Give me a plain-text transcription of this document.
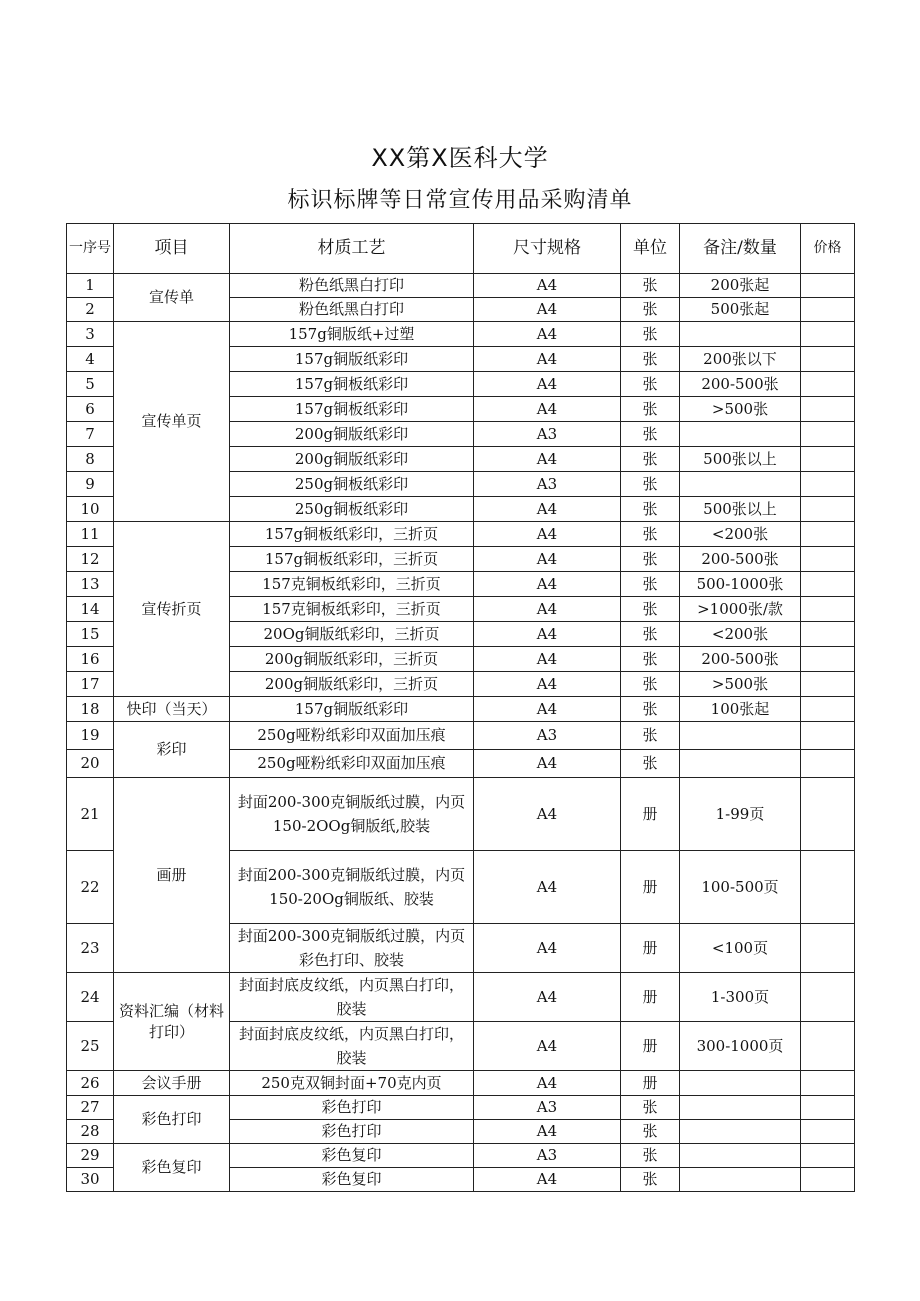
XX第X医科大学
标识标牌等日常宣传用品采购清单
一序号	项目	材质工艺	尺寸规格	单位	备注/数量	价格
1	宣传单	粉色纸黑白打印	A4	张	200张起	
2		粉色纸黑白打印	A4	张	500张起	
3	宣传单页	157g铜版纸+过塑	A4	张		
4		157g铜版纸彩印	A4	张	200张以下	
5		157g铜板纸彩印	A4	张	200-500张	
6		157g铜板纸彩印	A4	张	>500张	
7		200g铜版纸彩印	A3	张		
8		200g铜版纸彩印	A4	张	500张以上	
9		250g铜板纸彩印	A3	张		
10		250g铜板纸彩印	A4	张	500张以上	
11	宣传折页	157g铜板纸彩印，三折页	A4	张	<200张	
12		157g铜板纸彩印，三折页	A4	张	200-500张	
13		157克铜板纸彩印，三折页	A4	张	500-1000张	
14		157克铜板纸彩印，三折页	A4	张	>1000张/款	
15		20Og铜版纸彩印，三折页	A4	张	<200张	
16		200g铜版纸彩印，三折页	A4	张	200-500张	
17		200g铜版纸彩印，三折页	A4	张	>500张	
18	快印（当天）	157g铜版纸彩印	A4	张	100张起	
19	彩印	250g哑粉纸彩印双面加压痕	A3	张		
20		250g哑粉纸彩印双面加压痕	A4	张		
21	画册	封面200-300克铜版纸过膜，内页150-2OOg铜版纸,胶装	A4	册	1-99页	
22		封面200-300克铜版纸过膜，内页150-20Og铜版纸、胶装	A4	册	100-500页	
23		封面200-300克铜版纸过膜，内页彩色打印、胶装	A4	册	<100页	
24	资料汇编（材料打印）	封面封底皮纹纸，内页黑白打印，胶装	A4	册	1-300页	
25		封面封底皮纹纸，内页黑白打印，胶装	A4	册	300-1000页	
26	会议手册	250克双铜封面+70克内页	A4	册		
27	彩色打印	彩色打印	A3	张		
28		彩色打印	A4	张		
29	彩色复印	彩色复印	A3	张		
30		彩色复印	A4	张		
